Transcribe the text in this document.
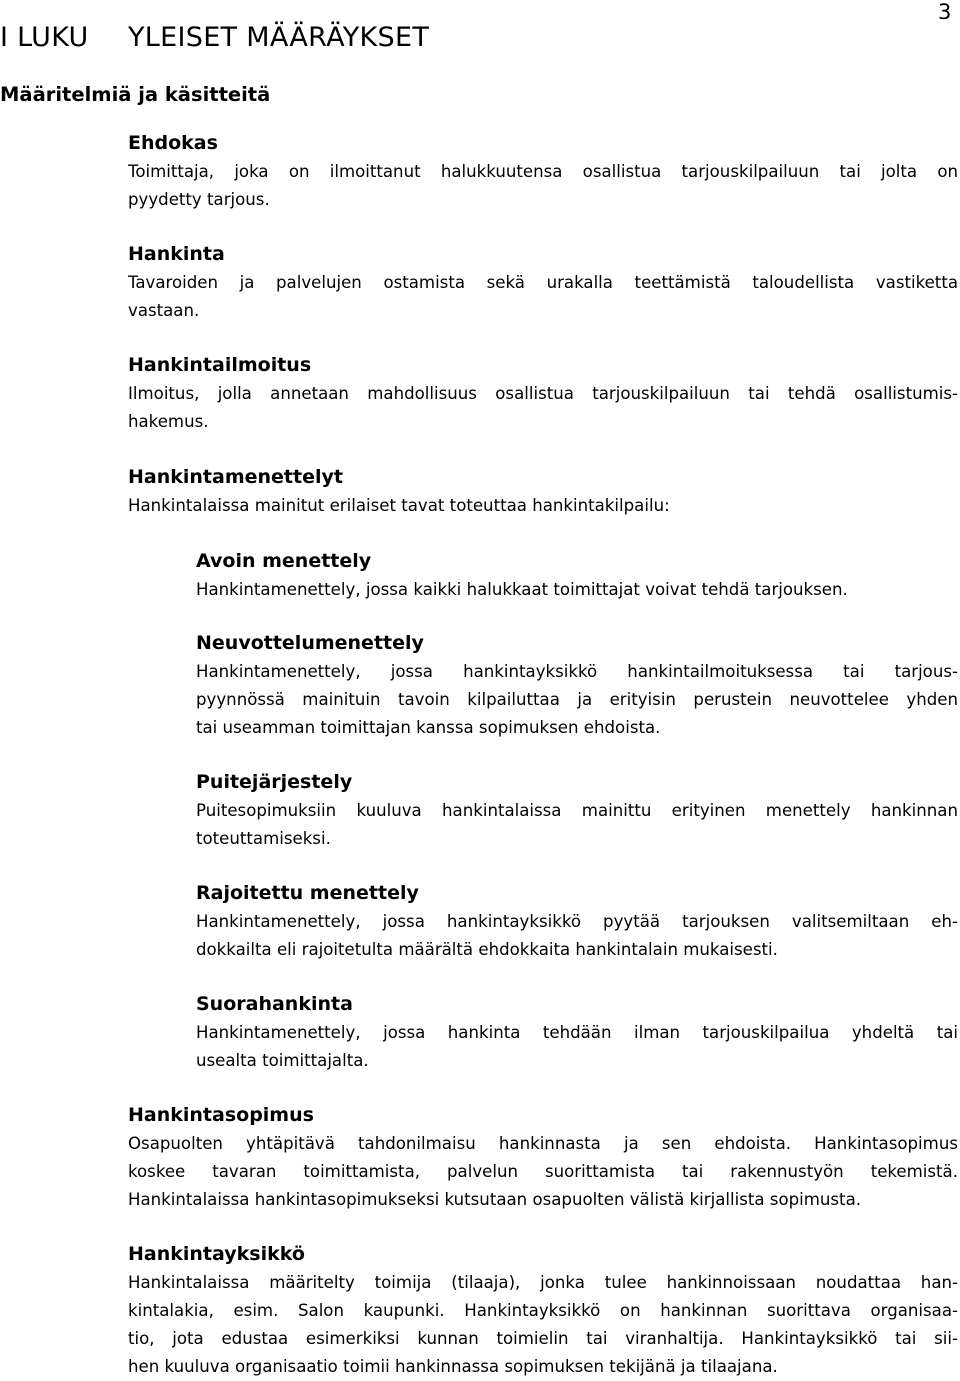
3
I LUKU YLEISET MÄÄRÄYKSET
Määritelmiä ja käsitteitä
Ehdokas
Toimittaja, joka on ilmoittanut halukkuutensa osallistua tarjouskilpailuun tai jolta on
pyydetty tarjous.
Hankinta
Tavaroiden ja palvelujen ostamista sekä urakalla teettämistä taloudellista vastiketta
vastaan.
Hankintailmoitus
Ilmoitus, jolla annetaan mahdollisuus osallistua tarjouskilpailuun tai tehdä osallistumis-
hakemus.
Hankintamenettelyt
Hankintalaissa mainitut erilaiset tavat toteuttaa hankintakilpailu:
Avoin menettely
Hankintamenettely, jossa kaikki halukkaat toimittajat voivat tehdä tarjouksen.
Neuvottelumenettely
Hankintamenettely, jossa hankintayksikkö hankintailmoituksessa tai tarjous-
pyynnössä mainituin tavoin kilpailuttaa ja erityisin perustein neuvottelee yhden
tai useamman toimittajan kanssa sopimuksen ehdoista.
Puitejärjestely
Puitesopimuksiin kuuluva hankintalaissa mainittu erityinen menettely hankinnan
toteuttamiseksi.
Rajoitettu menettely
Hankintamenettely, jossa hankintayksikkö pyytää tarjouksen valitsemiltaan eh-
dokkailta eli rajoitetulta määrältä ehdokkaita hankintalain mukaisesti.
Suorahankinta
Hankintamenettely, jossa hankinta tehdään ilman tarjouskilpailua yhdeltä tai
usealta toimittajalta.
Hankintasopimus
Osapuolten yhtäpitävä tahdonilmaisu hankinnasta ja sen ehdoista. Hankintasopimus
koskee tavaran toimittamista, palvelun suorittamista tai rakennustyön tekemistä.
Hankintalaissa hankintasopimukseksi kutsutaan osapuolten välistä kirjallista sopimusta.
Hankintayksikkö
Hankintalaissa määritelty toimija (tilaaja), jonka tulee hankinnoissaan noudattaa han-
kintalakia, esim. Salon kaupunki. Hankintayksikkö on hankinnan suorittava organisaa-
tio, jota edustaa esimerkiksi kunnan toimielin tai viranhaltija. Hankintayksikkö tai sii-
hen kuuluva organisaatio toimii hankinnassa sopimuksen tekijänä ja tilaajana.
